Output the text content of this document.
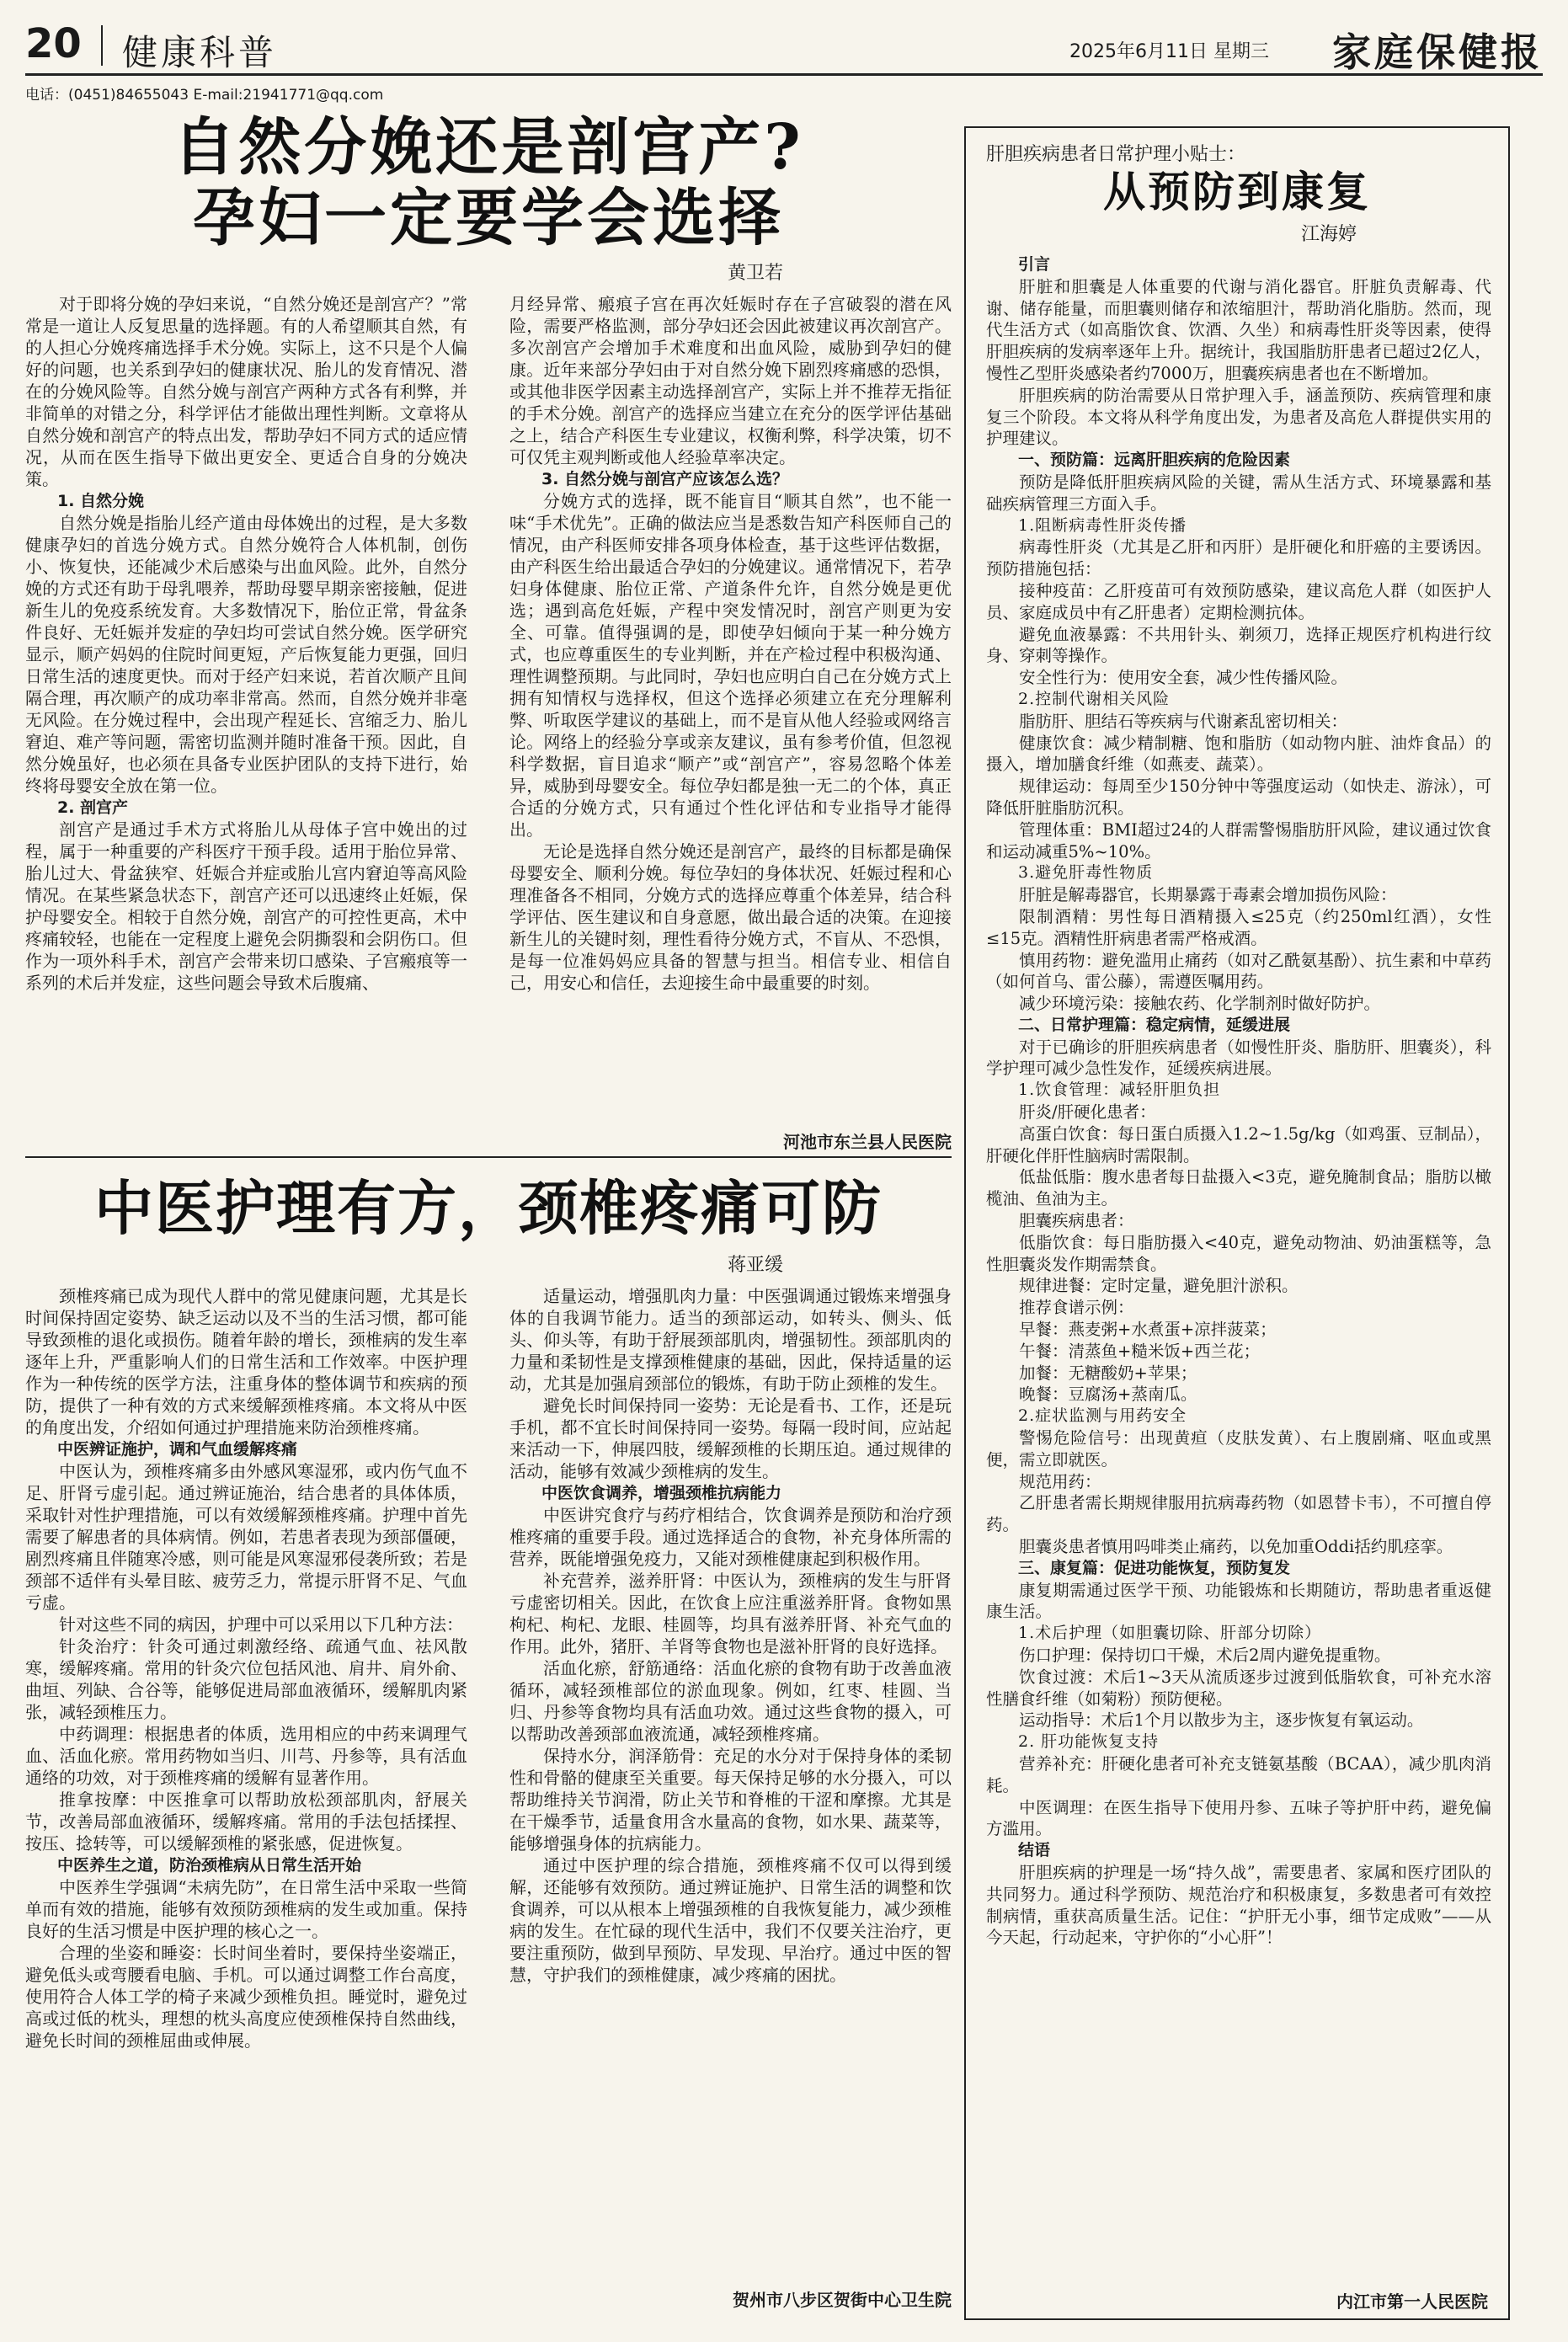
20 健康科普	2025年6月11日 星期三 家庭保健报
电话：(0451)84655043 E-mail:21941771@qq.com
自然分娩还是剖宫产?
孕妇一定要学会选择
黄卫若

对于即将分娩的孕妇来说，“自然分娩还是剖宫产？”常常是一道让人反复思量的选择题。有的人希望顺其自然，有的人担心分娩疼痛选择手术分娩。实际上，这不只是个人偏好的问题，也关系到孕妇的健康状况、胎儿的发育情况、潜在的分娩风险等。自然分娩与剖宫产两种方式各有利弊，并非简单的对错之分，科学评估才能做出理性判断。文章将从自然分娩和剖宫产的特点出发，帮助孕妇不同方式的适应情况，从而在医生指导下做出更安全、更适合自身的分娩决策。

1. 自然分娩

自然分娩是指胎儿经产道由母体娩出的过程，是大多数健康孕妇的首选分娩方式。自然分娩符合人体机制，创伤小、恢复快，还能减少术后感染与出血风险。此外，自然分娩的方式还有助于母乳喂养，帮助母婴早期亲密接触，促进新生儿的免疫系统发育。大多数情况下，胎位正常，骨盆条件良好、无妊娠并发症的孕妇均可尝试自然分娩。医学研究显示，顺产妈妈的住院时间更短，产后恢复能力更强，回归日常生活的速度更快。而对于经产妇来说，若首次顺产且间隔合理，再次顺产的成功率非常高。然而，自然分娩并非毫无风险。在分娩过程中，会出现产程延长、宫缩乏力、胎儿窘迫、难产等问题，需密切监测并随时准备干预。因此，自然分娩虽好，也必须在具备专业医护团队的支持下进行，始终将母婴安全放在第一位。

2. 剖宫产

剖宫产是通过手术方式将胎儿从母体子宫中娩出的过程，属于一种重要的产科医疗干预手段。适用于胎位异常、胎儿过大、骨盆狭窄、妊娠合并症或胎儿宫内窘迫等高风险情况。在某些紧急状态下，剖宫产还可以迅速终止妊娠，保护母婴安全。相较于自然分娩，剖宫产的可控性更高，术中疼痛较轻，也能在一定程度上避免会阴撕裂和会阴伤口。但作为一项外科手术，剖宫产会带来切口感染、子宫瘢痕等一系列的术后并发症，这些问题会导致术后腹痛、

月经异常、瘢痕子宫在再次妊娠时存在子宫破裂的潜在风险，需要严格监测，部分孕妇还会因此被建议再次剖宫产。多次剖宫产会增加手术难度和出血风险，威胁到孕妇的健康。近年来部分孕妇由于对自然分娩下剧烈疼痛感的恐惧，或其他非医学因素主动选择剖宫产，实际上并不推荐无指征的手术分娩。剖宫产的选择应当建立在充分的医学评估基础之上，结合产科医生专业建议，权衡利弊，科学决策，切不可仅凭主观判断或他人经验草率决定。

3. 自然分娩与剖宫产应该怎么选？

分娩方式的选择，既不能盲目“顺其自然”，也不能一味“手术优先”。正确的做法应当是悉数告知产科医师自己的情况，由产科医师安排各项身体检查，基于这些评估数据，由产科医生给出最适合孕妇的分娩建议。通常情况下，若孕妇身体健康、胎位正常、产道条件允许，自然分娩是更优选；遇到高危妊娠，产程中突发情况时，剖宫产则更为安全、可靠。值得强调的是，即使孕妇倾向于某一种分娩方式，也应尊重医生的专业判断，并在产检过程中积极沟通、理性调整预期。与此同时，孕妇也应明白自己在分娩方式上拥有知情权与选择权，但这个选择必须建立在充分理解利弊、听取医学建议的基础上，而不是盲从他人经验或网络言论。网络上的经验分享或亲友建议，虽有参考价值，但忽视科学数据，盲目追求“顺产”或“剖宫产”，容易忽略个体差异，威胁到母婴安全。每位孕妇都是独一无二的个体，真正合适的分娩方式，只有通过个性化评估和专业指导才能得出。

无论是选择自然分娩还是剖宫产，最终的目标都是确保母婴安全、顺利分娩。每位孕妇的身体状况、妊娠过程和心理准备各不相同，分娩方式的选择应尊重个体差异，结合科学评估、医生建议和自身意愿，做出最合适的决策。在迎接新生儿的关键时刻，理性看待分娩方式，不盲从、不恐惧，是每一位准妈妈应具备的智慧与担当。相信专业、相信自己，用安心和信任，去迎接生命中最重要的时刻。

河池市东兰县人民医院
中医护理有方，颈椎疼痛可防
蒋亚缓

颈椎疼痛已成为现代人群中的常见健康问题，尤其是长时间保持固定姿势、缺乏运动以及不当的生活习惯，都可能导致颈椎的退化或损伤。随着年龄的增长，颈椎病的发生率逐年上升，严重影响人们的日常生活和工作效率。中医护理作为一种传统的医学方法，注重身体的整体调节和疾病的预防，提供了一种有效的方式来缓解颈椎疼痛。本文将从中医的角度出发，介绍如何通过护理措施来防治颈椎疼痛。

中医辨证施护，调和气血缓解疼痛

中医认为，颈椎疼痛多由外感风寒湿邪，或内伤气血不足、肝肾亏虚引起。通过辨证施治，结合患者的具体体质，采取针对性护理措施，可以有效缓解颈椎疼痛。护理中首先需要了解患者的具体病情。例如，若患者表现为颈部僵硬，剧烈疼痛且伴随寒冷感，则可能是风寒湿邪侵袭所致；若是颈部不适伴有头晕目眩、疲劳乏力，常提示肝肾不足、气血亏虚。

针对这些不同的病因，护理中可以采用以下几种方法：

针灸治疗：针灸可通过刺激经络、疏通气血、祛风散寒，缓解疼痛。常用的针灸穴位包括风池、肩井、肩外俞、曲垣、列缺、合谷等，能够促进局部血液循环，缓解肌肉紧张，减轻颈椎压力。

中药调理：根据患者的体质，选用相应的中药来调理气血、活血化瘀。常用药物如当归、川芎、丹参等，具有活血通络的功效，对于颈椎疼痛的缓解有显著作用。

推拿按摩：中医推拿可以帮助放松颈部肌肉，舒展关节，改善局部血液循环，缓解疼痛。常用的手法包括揉捏、按压、捻转等，可以缓解颈椎的紧张感，促进恢复。

中医养生之道，防治颈椎病从日常生活开始

中医养生学强调“未病先防”，在日常生活中采取一些简单而有效的措施，能够有效预防颈椎病的发生或加重。保持良好的生活习惯是中医护理的核心之一。

合理的坐姿和睡姿：长时间坐着时，要保持坐姿端正，避免低头或弯腰看电脑、手机。可以通过调整工作台高度，使用符合人体工学的椅子来减少颈椎负担。睡觉时，避免过高或过低的枕头，理想的枕头高度应使颈椎保持自然曲线，避免长时间的颈椎屈曲或伸展。

适量运动，增强肌肉力量：中医强调通过锻炼来增强身体的自我调节能力。适当的颈部运动，如转头、侧头、低头、仰头等，有助于舒展颈部肌肉，增强韧性。颈部肌肉的力量和柔韧性是支撑颈椎健康的基础，因此，保持适量的运动，尤其是加强肩颈部位的锻炼，有助于防止颈椎的发生。

避免长时间保持同一姿势：无论是看书、工作，还是玩手机，都不宜长时间保持同一姿势。每隔一段时间，应站起来活动一下，伸展四肢，缓解颈椎的长期压迫。通过规律的活动，能够有效减少颈椎病的发生。

中医饮食调养，增强颈椎抗病能力

中医讲究食疗与药疗相结合，饮食调养是预防和治疗颈椎疼痛的重要手段。通过选择适合的食物，补充身体所需的营养，既能增强免疫力，又能对颈椎健康起到积极作用。

补充营养，滋养肝肾：中医认为，颈椎病的发生与肝肾亏虚密切相关。因此，在饮食上应注重滋养肝肾。食物如黑枸杞、枸杞、龙眼、桂圆等，均具有滋养肝肾、补充气血的作用。此外，猪肝、羊肾等食物也是滋补肝肾的良好选择。

活血化瘀，舒筋通络：活血化瘀的食物有助于改善血液循环，减轻颈椎部位的淤血现象。例如，红枣、桂圆、当归、丹参等食物均具有活血功效。通过这些食物的摄入，可以帮助改善颈部血液流通，减轻颈椎疼痛。

保持水分，润泽筋骨：充足的水分对于保持身体的柔韧性和骨骼的健康至关重要。每天保持足够的水分摄入，可以帮助维持关节润滑，防止关节和脊椎的干涩和摩擦。尤其是在干燥季节，适量食用含水量高的食物，如水果、蔬菜等，能够增强身体的抗病能力。

通过中医护理的综合措施，颈椎疼痛不仅可以得到缓解，还能够有效预防。通过辨证施护、日常生活的调整和饮食调养，可以从根本上增强颈椎的自我恢复能力，减少颈椎病的发生。在忙碌的现代生活中，我们不仅要关注治疗，更要注重预防，做到早预防、早发现、早治疗。通过中医的智慧，守护我们的颈椎健康，减少疼痛的困扰。

贺州市八步区贺街中心卫生院
肝胆疾病患者日常护理小贴士：
从预防到康复
江海婷

引言

肝脏和胆囊是人体重要的代谢与消化器官。肝脏负责解毒、代谢、储存能量，而胆囊则储存和浓缩胆汁，帮助消化脂肪。然而，现代生活方式（如高脂饮食、饮酒、久坐）和病毒性肝炎等因素，使得肝胆疾病的发病率逐年上升。据统计，我国脂肪肝患者已超过2亿人，慢性乙型肝炎感染者约7000万，胆囊疾病患者也在不断增加。

肝胆疾病的防治需要从日常护理入手，涵盖预防、疾病管理和康复三个阶段。本文将从科学角度出发，为患者及高危人群提供实用的护理建议。

一、预防篇：远离肝胆疾病的危险因素

预防是降低肝胆疾病风险的关键，需从生活方式、环境暴露和基础疾病管理三方面入手。

1.阻断病毒性肝炎传播

病毒性肝炎（尤其是乙肝和丙肝）是肝硬化和肝癌的主要诱因。预防措施包括：

接种疫苗：乙肝疫苗可有效预防感染，建议高危人群（如医护人员、家庭成员中有乙肝患者）定期检测抗体。

避免血液暴露：不共用针头、剃须刀，选择正规医疗机构进行纹身、穿刺等操作。

安全性行为：使用安全套，减少性传播风险。

2.控制代谢相关风险

脂肪肝、胆结石等疾病与代谢紊乱密切相关：

健康饮食：减少精制糖、饱和脂肪（如动物内脏、油炸食品）的摄入，增加膳食纤维（如燕麦、蔬菜）。

规律运动：每周至少150分钟中等强度运动（如快走、游泳），可降低肝脏脂肪沉积。

管理体重：BMI超过24的人群需警惕脂肪肝风险，建议通过饮食和运动减重5%~10%。

3.避免肝毒性物质

肝脏是解毒器官，长期暴露于毒素会增加损伤风险：

限制酒精：男性每日酒精摄入≤25克（约250ml红酒），女性≤15克。酒精性肝病患者需严格戒酒。

慎用药物：避免滥用止痛药（如对乙酰氨基酚）、抗生素和中草药（如何首乌、雷公藤），需遵医嘱用药。

减少环境污染：接触农药、化学制剂时做好防护。

二、日常护理篇：稳定病情，延缓进展

对于已确诊的肝胆疾病患者（如慢性肝炎、脂肪肝、胆囊炎），科学护理可减少急性发作，延缓疾病进展。

1.饮食管理：减轻肝胆负担

肝炎/肝硬化患者：

高蛋白饮食：每日蛋白质摄入1.2~1.5g/kg（如鸡蛋、豆制品），肝硬化伴肝性脑病时需限制。

低盐低脂：腹水患者每日盐摄入<3克，避免腌制食品；脂肪以橄榄油、鱼油为主。

胆囊疾病患者：

低脂饮食：每日脂肪摄入<40克，避免动物油、奶油蛋糕等，急性胆囊炎发作期需禁食。

规律进餐：定时定量，避免胆汁淤积。

推荐食谱示例：

早餐：燕麦粥+水煮蛋+凉拌菠菜；

午餐：清蒸鱼+糙米饭+西兰花；

加餐：无糖酸奶+苹果；

晚餐：豆腐汤+蒸南瓜。

2.症状监测与用药安全

警惕危险信号：出现黄疸（皮肤发黄）、右上腹剧痛、呕血或黑便，需立即就医。

规范用药：

乙肝患者需长期规律服用抗病毒药物（如恩替卡韦），不可擅自停药。

胆囊炎患者慎用吗啡类止痛药，以免加重Oddi括约肌痉挛。

三、康复篇：促进功能恢复，预防复发

康复期需通过医学干预、功能锻炼和长期随访，帮助患者重返健康生活。

1.术后护理（如胆囊切除、肝部分切除）

伤口护理：保持切口干燥，术后2周内避免提重物。

饮食过渡：术后1~3天从流质逐步过渡到低脂软食，可补充水溶性膳食纤维（如菊粉）预防便秘。

运动指导：术后1个月以散步为主，逐步恢复有氧运动。

2. 肝功能恢复支持

营养补充：肝硬化患者可补充支链氨基酸（BCAA），减少肌肉消耗。

中医调理：在医生指导下使用丹参、五味子等护肝中药，避免偏方滥用。

结语

肝胆疾病的护理是一场“持久战”，需要患者、家属和医疗团队的共同努力。通过科学预防、规范治疗和积极康复，多数患者可有效控制病情，重获高质量生活。记住：“护肝无小事，细节定成败”——从今天起，行动起来，守护你的“小心肝”！

内江市第一人民医院
